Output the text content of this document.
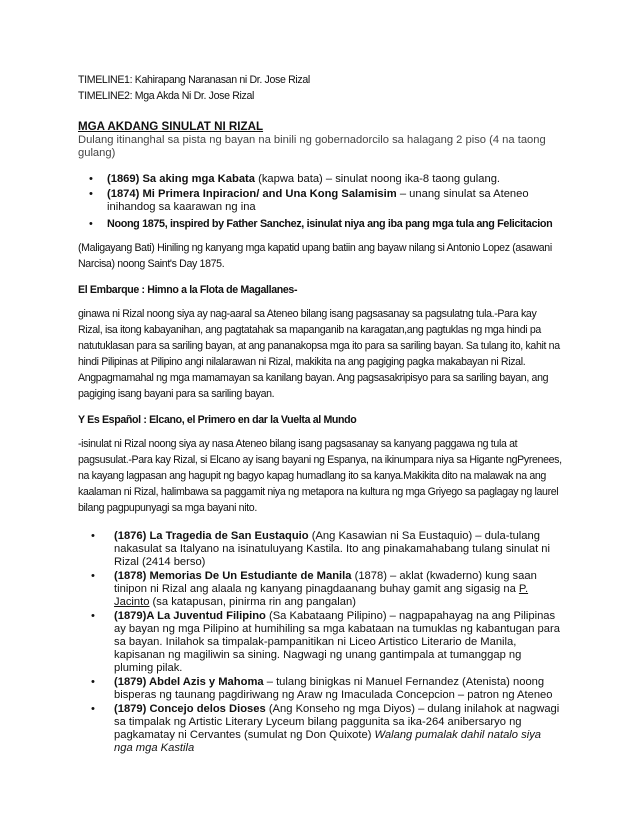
TIMELINE1: Kahirapang Naranasan ni Dr. Jose Rizal

TIMELINE2: Mga Akda Ni Dr. Jose Rizal

MGA AKDANG SINULAT NI RIZAL
Dulang itinanghal sa pista ng bayan na binili ng gobernadorcilo sa halagang 2 piso (4 na taong gulang)
• (1869) Sa aking mga Kabata (kapwa bata) – sinulat noong ika-8 taong gulang.
• (1874) Mi Primera Inpiracion/ and Una Kong Salamisim – unang sinulat sa Ateneo inihandog sa kaarawan ng ina
• Noong 1875, inspired by Father Sanchez, isinulat niya ang iba pang mga tula ang Felicitacion

(Maligayang Bati) Hiniling ng kanyang mga kapatid upang batiin ang bayaw nilang si Antonio Lopez (asawani Narcisa) noong Saint's Day 1875.

El Embarque : Himno a la Flota de Magallanes-

ginawa ni Rizal noong siya ay nag-aaral sa Ateneo bilang isang pagsasanay sa pagsulatng tula.-Para kay Rizal, isa itong kabayanihan, ang pagtatahak sa mapanganib na karagatan,ang pagtuklas ng mga hindi pa natutuklasan para sa sariling bayan, at ang pananakopsa mga ito para sa sariling bayan. Sa tulang ito, kahit na hindi Pilipinas at Pilipino angi nilalarawan ni Rizal, makikita na ang pagiging pagka makabayan ni Rizal. Angpagmamahal ng mga mamamayan sa kanilang bayan. Ang pagsasakripisyo para sa sariling bayan, ang pagiging isang bayani para sa sariling bayan.

Y Es Español : Elcano, el Primero en dar la Vuelta al Mundo

-isinulat ni Rizal noong siya ay nasa Ateneo bilang isang pagsasanay sa kanyang paggawa ng tula at pagsusulat.-Para kay Rizal, si Elcano ay isang bayani ng Espanya, na ikinumpara niya sa Higante ngPyrenees, na kayang lagpasan ang hagupit ng bagyo kapag humadlang ito sa kanya.Makikita dito na malawak na ang kaalaman ni Rizal, halimbawa sa paggamit niya ng metapora na kultura ng mga Griyego sa paglagay ng laurel bilang pagpupunyagi sa mga bayani nito.

• (1876) La Tragedia de San Eustaquio (Ang Kasawian ni Sa Eustaquio) – dula-tulang nakasulat sa Italyano na isinatuluyang Kastila. Ito ang pinakamahabang tulang sinulat ni Rizal (2414 berso)
• (1878) Memorias De Un Estudiante de Manila (1878) – aklat (kwaderno) kung saan tinipon ni Rizal ang alaala ng kanyang pinagdaanang buhay gamit ang sigasig na P. Jacinto (sa katapusan, pinirma rin ang pangalan)
• (1879)A La Juventud Filipino (Sa Kabataang Pilipino) – nagpapahayag na ang Pilipinas ay bayan ng mga Pilipino at humihiling sa mga kabataan na tumuklas ng kabantugan para sa bayan. Inilahok sa timpalak-pampanitikan ni Liceo Artistico Literario de Manila, kapisanan ng magiliwin sa sining. Nagwagi ng unang gantimpala at tumanggap ng pluming pilak.
• (1879) Abdel Azis y Mahoma – tulang binigkas ni Manuel Fernandez (Atenista) noong bisperas ng taunang pagdiriwang ng Araw ng Imaculada Concepcion – patron ng Ateneo
• (1879) Concejo delos Dioses (Ang Konseho ng mga Diyos) – dulang inilahok at nagwagi sa timpalak ng Artistic Literary Lyceum bilang paggunita sa ika-264 anibersaryo ng pagkamatay ni Cervantes (sumulat ng Don Quixote) Walang pumalak dahil natalo siya nga mga Kastila
